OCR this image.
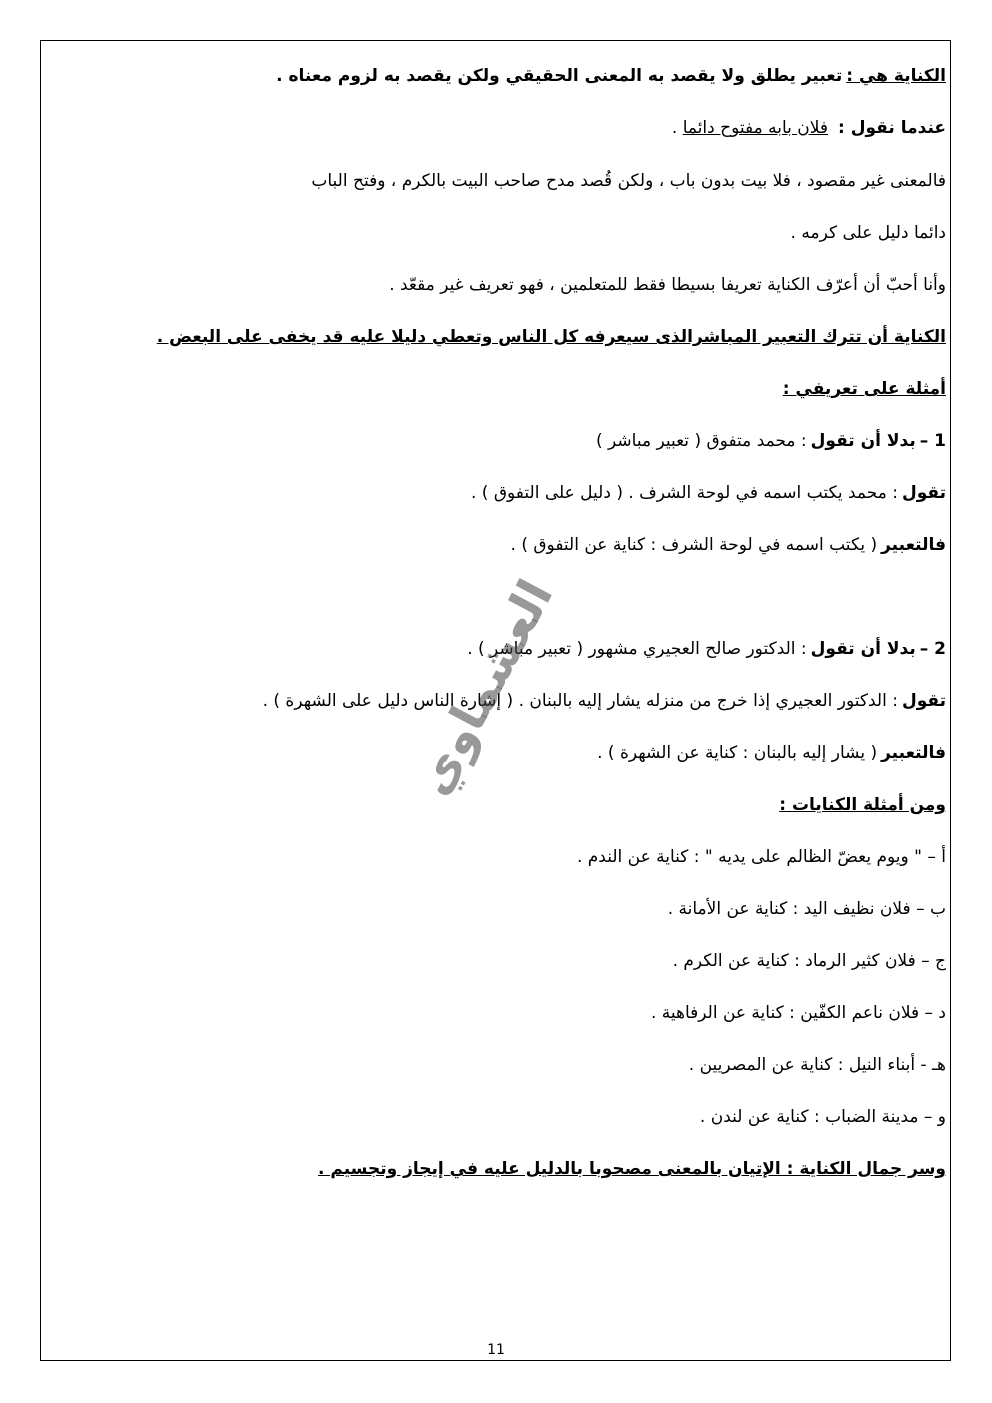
الكناية هي :تعبير يطلق ولا يقصد به المعنى الحقيقي ولكن يقصد به لزوم معناه .
عندما نقول :فلان بابه مفتوح دائما .
فالمعنى غير مقصود ، فلا بيت بدون باب ، ولكن قُصد مدح صاحب البيت بالكرم ، وفتح الباب
دائما دليل على كرمه .
وأنا أحبّ أن أعرّف الكناية تعريفا بسيطا فقط للمتعلمين ، فهو تعريف غير مقعّد .
الكناية أن تترك التعبير المباشرالذى سيعرفه كل الناس وتعطي دليلا عليه قد يخفى على البعض .
أمثلة على تعريفي :
1 –بدلا أن تقول: محمد متفوق ( تعبير مباشر )
تقول: محمد يكتب اسمه في لوحة الشرف . ( دليل على التفوق ) .
فالتعبير( يكتب اسمه في لوحة الشرف : كناية عن التفوق ) .
2 –بدلا أن تقول: الدكتور صالح العجيري مشهور ( تعبير مباشر ) .
تقول: الدكتور العجيري إذا خرج من منزله يشار إليه بالبنان . ( إشارة الناس دليل على الشهرة ) .
فالتعبير( يشار إليه بالبنان : كناية عن الشهرة ) .
ومن أمثلة الكنايات :
أ – " ويوم يعضّ الظالم على يديه " : كناية عن الندم .
ب – فلان نظيف اليد : كناية عن الأمانة .
ج – فلان كثير الرماد : كناية عن الكرم .
د – فلان ناعم الكفّين : كناية عن الرفاهية .
هـ - أبناء النيل : كناية عن المصريين .
و – مدينة الضباب : كناية عن لندن .
وسر جمال الكناية : الإتيان بالمعنى مصحوبا بالدليل عليه في إيجاز وتجسيم .
العشماوي
11
